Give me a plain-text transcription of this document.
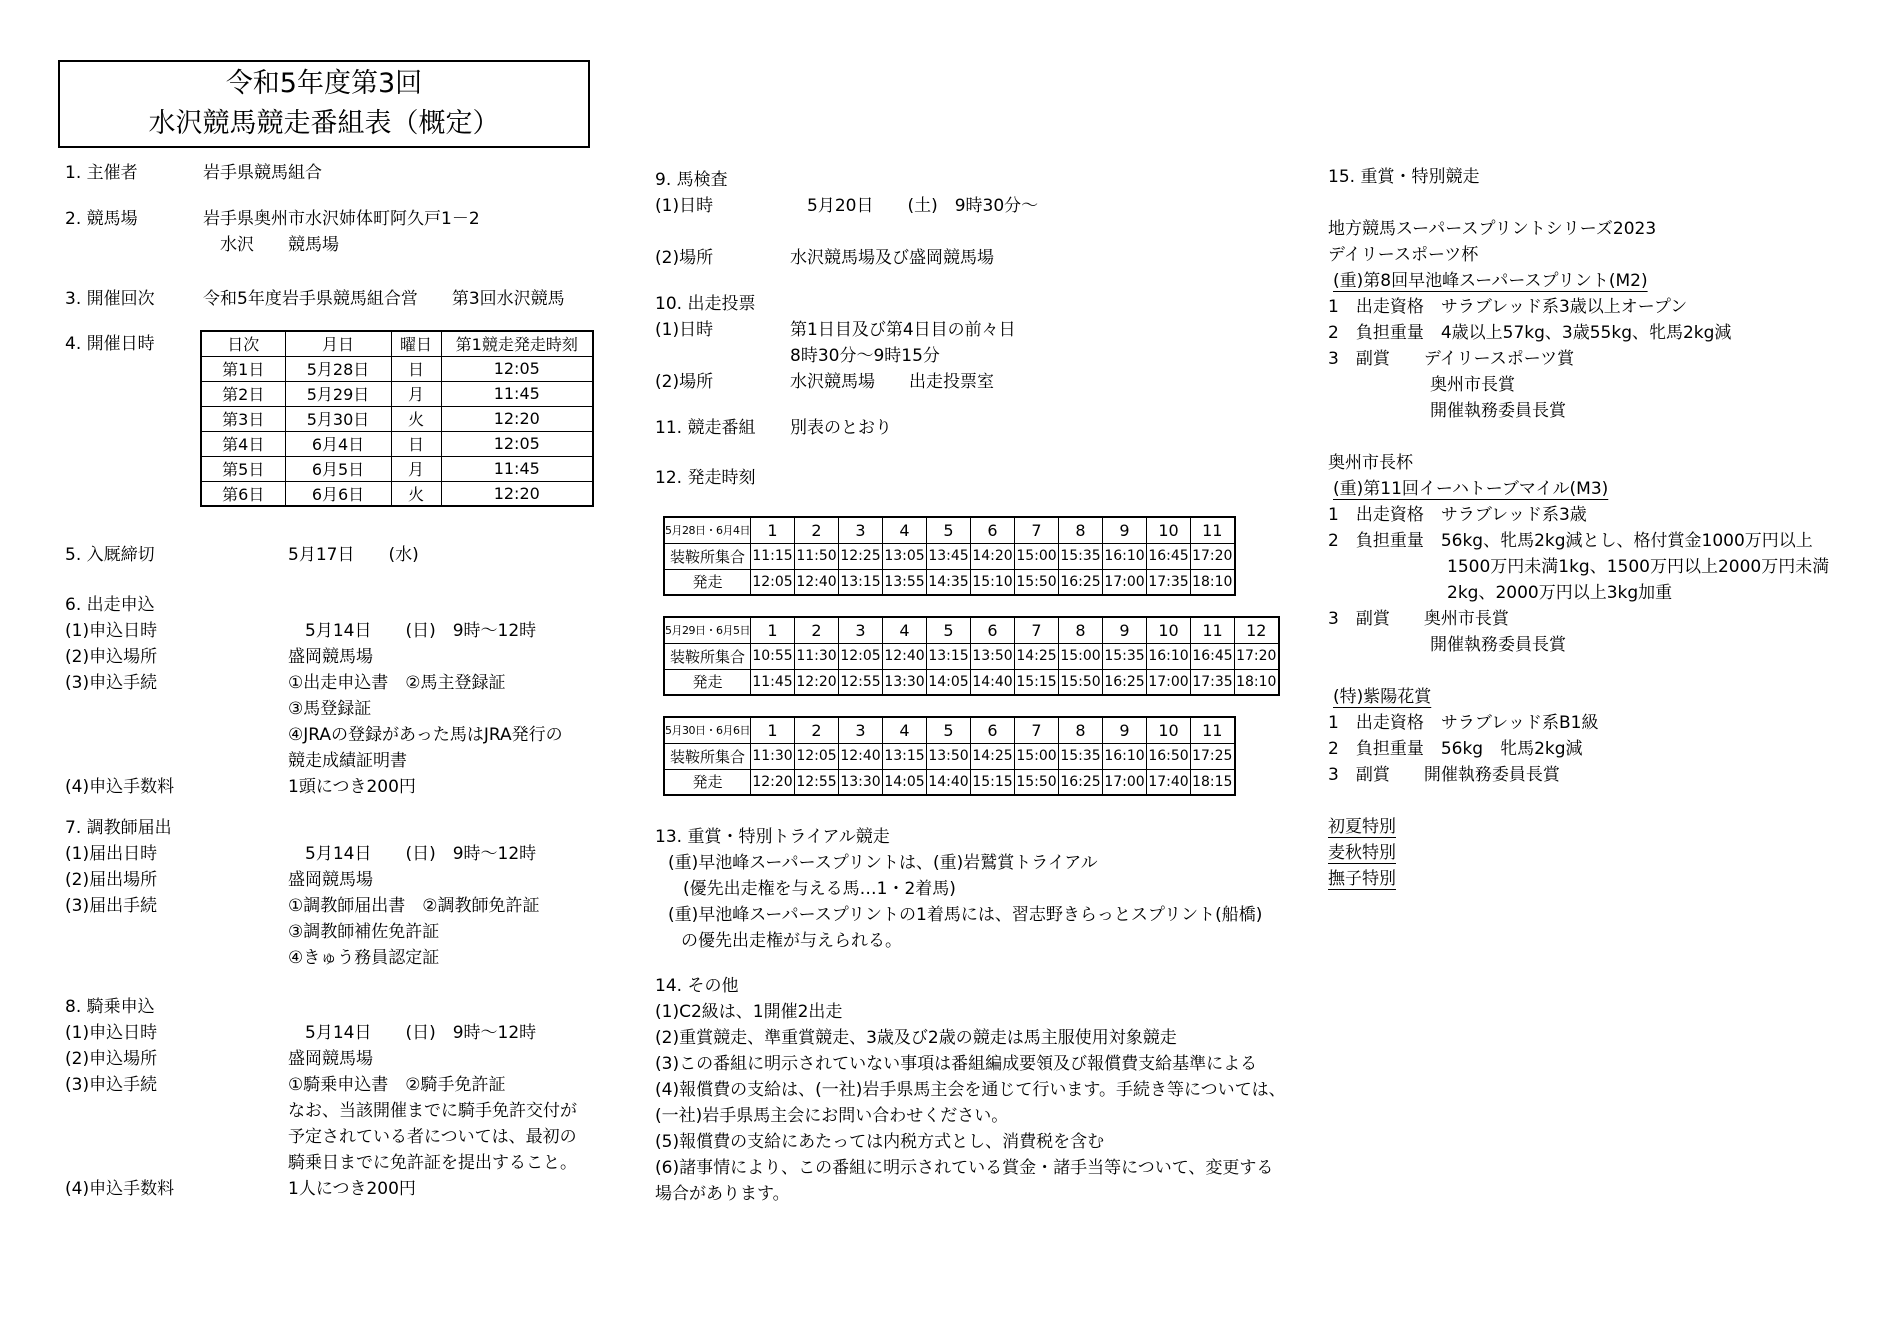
令和5年度第3回
水沢競馬競走番組表（概定）
1. 主催者	岩手県競馬組合
2. 競馬場	岩手県奥州市水沢姉体町阿久戸1－2
　水沢　　競馬場
3. 開催回次	令和5年度岩手県競馬組合営　　第3回水沢競馬
4. 開催日時	日次	月日	曜日	第1競走発走時刻
第1日	5月28日	日	12:05
第2日	5月29日	月	11:45
第3日	5月30日	火	12:20
第4日	6月4日	日	12:05
第5日	6月5日	月	11:45
第6日	6月6日	火	12:20
5. 入厩締切	5月17日　　(水)
6. 出走申込
(1)申込日時	　5月14日　　(日)　9時～12時
(2)申込場所	盛岡競馬場
(3)申込手続	①出走申込書　②馬主登録証
③馬登録証
④JRAの登録があった馬はJRA発行の
競走成績証明書
(4)申込手数料	1頭につき200円
7. 調教師届出
(1)届出日時	　5月14日　　(日)　9時～12時
(2)届出場所	盛岡競馬場
(3)届出手続	①調教師届出書　②調教師免許証
③調教師補佐免許証
④きゅう務員認定証
8. 騎乗申込
(1)申込日時	　5月14日　　(日)　9時～12時
(2)申込場所	盛岡競馬場
(3)申込手続	①騎乗申込書　②騎手免許証
なお、当該開催までに騎手免許交付が
予定されている者については、最初の
騎乗日までに免許証を提出すること。
(4)申込手数料	1人につき200円
9. 馬検査
(1)日時	　5月20日　　(土)　9時30分～
(2)場所	水沢競馬場及び盛岡競馬場
10. 出走投票
(1)日時	第1日目及び第4日目の前々日
8時30分～9時15分
(2)場所	水沢競馬場　　出走投票室
11. 競走番組	別表のとおり
12. 発走時刻
5月28日・6月4日	1	2	3	4	5	6	7	8	9	10	11
装鞍所集合	11:15	11:50	12:25	13:05	13:45	14:20	15:00	15:35	16:10	16:45	17:20
発走	12:05	12:40	13:15	13:55	14:35	15:10	15:50	16:25	17:00	17:35	18:10
5月29日・6月5日	1	2	3	4	5	6	7	8	9	10	11	12
装鞍所集合	10:55	11:30	12:05	12:40	13:15	13:50	14:25	15:00	15:35	16:10	16:45	17:20
発走	11:45	12:20	12:55	13:30	14:05	14:40	15:15	15:50	16:25	17:00	17:35	18:10
5月30日・6月6日	1	2	3	4	5	6	7	8	9	10	11
装鞍所集合	11:30	12:05	12:40	13:15	13:50	14:25	15:00	15:35	16:10	16:50	17:25
発走	12:20	12:55	13:30	14:05	14:40	15:15	15:50	16:25	17:00	17:40	18:15
13. 重賞・特別トライアル競走
(重)早池峰スーパースプリントは、(重)岩鷲賞トライアル
(優先出走権を与える馬…1・2着馬)
(重)早池峰スーパースプリントの1着馬には、習志野きらっとスプリント(船橋)
の優先出走権が与えられる。
14. その他
(1)C2級は、1開催2出走
(2)重賞競走、準重賞競走、3歳及び2歳の競走は馬主服使用対象競走
(3)この番組に明示されていない事項は番組編成要領及び報償費支給基準による
(4)報償費の支給は、(一社)岩手県馬主会を通じて行います。手続き等については、
(一社)岩手県馬主会にお問い合わせください。
(5)報償費の支給にあたっては内税方式とし、消費税を含む
(6)諸事情により、この番組に明示されている賞金・諸手当等について、変更する
場合があります。
15. 重賞・特別競走
地方競馬スーパースプリントシリーズ2023
デイリースポーツ杯
(重)第8回早池峰スーパースプリント(M2)
1　出走資格　サラブレッド系3歳以上オープン
2　負担重量　4歳以上57kg、3歳55kg、牝馬2kg減
3　副賞　　デイリースポーツ賞
　　　　　　奥州市長賞
　　　　　　開催執務委員長賞
奥州市長杯
(重)第11回イーハトーブマイル(M3)
1　出走資格　サラブレッド系3歳
2　負担重量　56kg、牝馬2kg減とし、格付賞金1000万円以上
　　　　　　　1500万円未満1kg、1500万円以上2000万円未満
　　　　　　　2kg、2000万円以上3kg加重
3　副賞　　奥州市長賞
　　　　　　開催執務委員長賞
(特)紫陽花賞
1　出走資格　サラブレッド系B1級
2　負担重量　56kg　牝馬2kg減
3　副賞　　開催執務委員長賞
初夏特別
麦秋特別
撫子特別
